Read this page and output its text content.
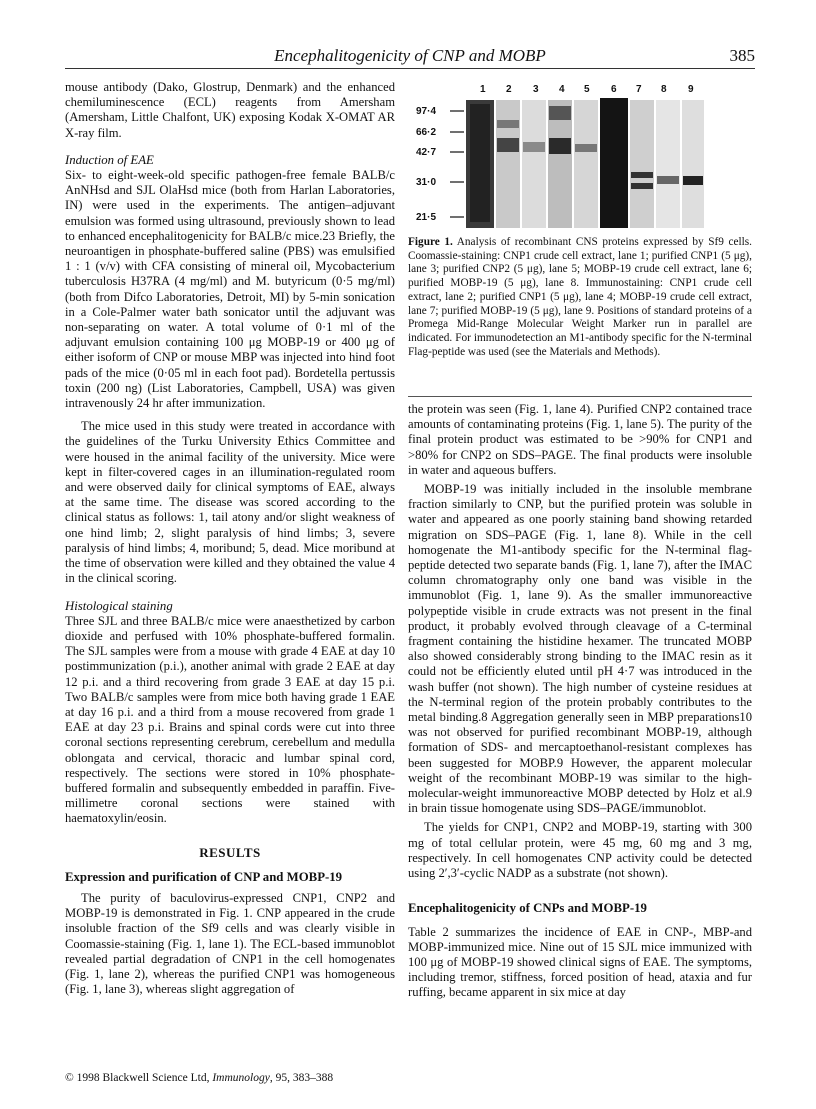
Encephalitogenicity of CNP and MOBP	385

mouse antibody (Dako, Glostrup, Denmark) and the enhanced chemiluminescence (ECL) reagents from Amersham (Amersham, Little Chalfont, UK) exposing Kodak X-OMAT AR X-ray film.

Induction of EAE

Six- to eight-week-old specific pathogen-free female BALB/c AnNHsd and SJL OlaHsd mice (both from Harlan Laboratories, IN) were used in the experiments. The antigen–adjuvant emulsion was formed using ultrasound, previously shown to lead to enhanced encephalitogenicity for BALB/c mice.23 Briefly, the neuroantigen in phosphate-buffered saline (PBS) was emulsified 1 : 1 (v/v) with CFA consisting of mineral oil, Mycobacterium tuberculosis H37RA (4 mg/ml) and M. butyricum (0·5 mg/ml) (both from Difco Laboratories, Detroit, MI) by 5-min sonication in a Cole-Palmer water bath sonicator until the adjuvant was non-separating on water. A total volume of 0·1 ml of the adjuvant emulsion containing 100 μg MOBP-19 or 400 μg of either isoform of CNP or mouse MBP was injected into hind foot pads of the mice (0·05 ml in each foot pad). Bordetella pertussis toxin (200 ng) (List Laboratories, Campbell, USA) was given intravenously 24 hr after immunization.

The mice used in this study were treated in accordance with the guidelines of the Turku University Ethics Committee and were housed in the animal facility of the university. Mice were kept in filter-covered cages in an illumination-regulated room and were observed daily for clinical symptoms of EAE, always at the same time. The disease was scored according to the clinical status as follows: 1, tail atony and/or slight weakness of one hind limb; 2, slight paralysis of hind limbs; 3, severe paralysis of hind limbs; 4, moribund; 5, dead. Mice moribund at the time of observation were killed and they obtained the value 4 in the clinical scoring.

Histological staining

Three SJL and three BALB/c mice were anaesthetized by carbon dioxide and perfused with 10% phosphate-buffered formalin. The SJL samples were from a mouse with grade 4 EAE at day 10 postimmunization (p.i.), another animal with grade 2 EAE at day 12 p.i. and a third recovering from grade 3 EAE at day 15 p.i. Two BALB/c samples were from mice both having grade 1 EAE at day 16 p.i. and a third from a mouse recovered from grade 1 EAE at day 23 p.i. Brains and spinal cords were cut into three coronal sections representing cerebrum, cerebellum and medulla oblongata and cervical, thoracic and lumbar spinal cord, respectively. The sections were stored in 10% phosphate-buffered formalin and subsequently embedded in paraffin. Five-millimetre coronal sections were stained with haematoxylin/eosin.

RESULTS

Expression and purification of CNP and MOBP-19

The purity of baculovirus-expressed CNP1, CNP2 and MOBP-19 is demonstrated in Fig. 1. CNP appeared in the crude insoluble fraction of the Sf9 cells and was clearly visible in Coomassie-staining (Fig. 1, lane 1). The ECL-based immunoblot revealed partial degradation of CNP1 in the cell homogenates (Fig. 1, lane 2), whereas the purified CNP1 was homogeneous (Fig. 1, lane 3), whereas slight aggregation of

1 2 3 4 5 6 7 8 9
97·4
66·2
42·7
31·0
21·5
Figure 1. Analysis of recombinant CNS proteins expressed by Sf9 cells. Coomassie-staining: CNP1 crude cell extract, lane 1; purified CNP1 (5 μg), lane 3; purified CNP2 (5 μg), lane 5; MOBP-19 crude cell extract, lane 6; purified MOBP-19 (5 μg), lane 8. Immunostaining: CNP1 crude cell extract, lane 2; purified CNP1 (5 μg), lane 4; MOBP-19 crude cell extract, lane 7; purified MOBP-19 (5 μg), lane 9. Positions of standard proteins of a Promega Mid-Range Molecular Weight Marker run in parallel are indicated. For immunodetection an M1-antibody specific for the N-terminal Flag-peptide was used (see the Materials and Methods).

the protein was seen (Fig. 1, lane 4). Purified CNP2 contained trace amounts of contaminating proteins (Fig. 1, lane 5). The purity of the final protein product was estimated to be >90% for CNP1 and >80% for CNP2 on SDS–PAGE. The final products were insoluble in water and aqueous buffers.

MOBP-19 was initially included in the insoluble membrane fraction similarly to CNP, but the purified protein was soluble in water and appeared as one poorly staining band showing retarded migration on SDS–PAGE (Fig. 1, lane 8). While in the cell homogenate the M1-antibody specific for the N-terminal flag-peptide detected two separate bands (Fig. 1, lane 7), after the IMAC column chromatography only one band was visible in the immunoblot (Fig. 1, lane 9). As the smaller immunoreactive polypeptide visible in crude extracts was not present in the final product, it probably evolved through cleavage of a C-terminal fragment containing the histidine hexamer. The truncated MOBP also showed considerably strong binding to the IMAC resin as it could not be efficiently eluted until pH 4·7 was introduced in the wash buffer (not shown). The high number of cysteine residues at the N-terminal region of the protein probably contributes to the metal binding.8 Aggregation generally seen in MBP preparations10 was not observed for purified recombinant MOBP-19, although formation of SDS- and mercaptoethanol-resistant complexes has been suggested for MOBP.9 However, the apparent molecular weight of the recombinant MOBP-19 was similar to the high-molecular-weight immunoreactive MOBP detected by Holz et al.9 in brain tissue homogenate using SDS–PAGE/immunoblot.

The yields for CNP1, CNP2 and MOBP-19, starting with 300 mg of total cellular protein, were 45 mg, 60 mg and 3 mg, respectively. In cell homogenates CNP activity could be detected using 2′,3′-cyclic NADP as a substrate (not shown).

Encephalitogenicity of CNPs and MOBP-19

Table 2 summarizes the incidence of EAE in CNP-, MBP-and MOBP-immunized mice. Nine out of 15 SJL mice immunized with 100 μg of MOBP-19 showed clinical signs of EAE. The symptoms, including tremor, stiffness, forced position of head, ataxia and fur ruffing, became apparent in six mice at day

© 1998 Blackwell Science Ltd, Immunology, 95, 383–388
